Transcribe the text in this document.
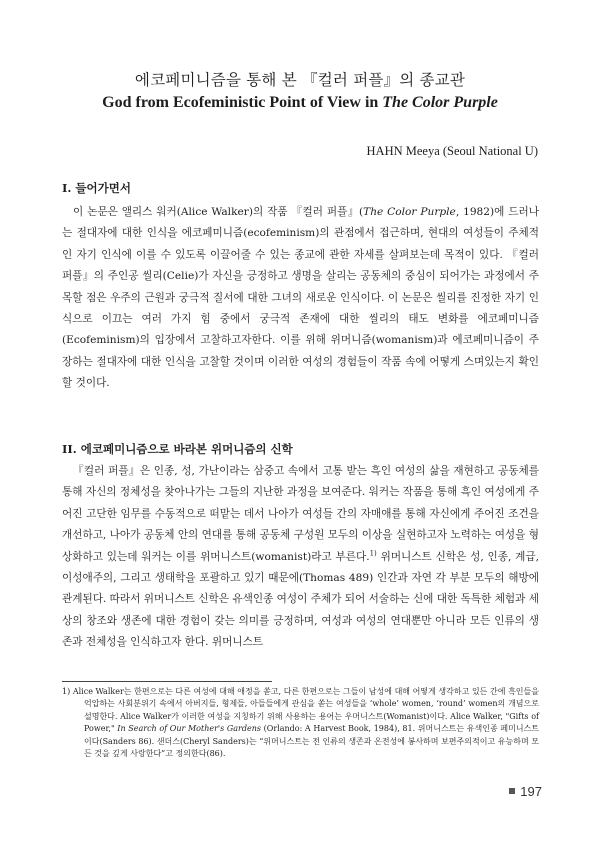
에코페미니즘을 통해 본 『컬러 퍼플』의 종교관
God from Ecofeministic Point of View in The Color Purple
HAHN Meeya (Seoul National U)
I. 들어가면서

이 논문은 앨리스 워커(Alice Walker)의 작품 『컬러 퍼플』(The Color Purple, 1982)에 드러나는 절대자에 대한 인식을 에코페미니즘(ecofeminism)의 관점에서 접근하며, 현대의 여성들이 주체적인 자기 인식에 이를 수 있도록 이끌어줄 수 있는 종교에 관한 자세를 살펴보는데 목적이 있다. 『컬러 퍼플』의 주인공 씰리(Celie)가 자신을 긍정하고 생명을 살리는 공동체의 중심이 되어가는 과정에서 주목할 점은 우주의 근원과 궁극적 질서에 대한 그녀의 새로운 인식이다. 이 논문은 씰리를 진정한 자기 인식으로 이끄는 여러 가지 힘 중에서 궁극적 존재에 대한 씰리의 태도 변화를 에코페미니즘(Ecofeminism)의 입장에서 고찰하고자한다. 이를 위해 위머니즘(womanism)과 에코페미니즘이 주장하는 절대자에 대한 인식을 고찰할 것이며 이러한 여성의 경험들이 작품 속에 어떻게 스며있는지 확인할 것이다.

II. 에코페미니즘으로 바라본 위머니즘의 신학

『컬러 퍼플』은 인종, 성, 가난이라는 삼중고 속에서 고통 받는 흑인 여성의 삶을 재현하고 공동체를 통해 자신의 정체성을 찾아나가는 그들의 지난한 과정을 보여준다. 워커는 작품을 통해 흑인 여성에게 주어진 고단한 임무를 수동적으로 떠맡는 데서 나아가 여성들 간의 자매애를 통해 자신에게 주어진 조건을 개선하고, 나아가 공동체 안의 연대를 통해 공동체 구성원 모두의 이상을 실현하고자 노력하는 여성을 형상화하고 있는데 워커는 이를 위머니스트(womanist)라고 부른다.$^{1)}$ 위머니스트 신학은 성, 인종, 계급, 이성애주의, 그리고 생태학을 포괄하고 있기 때문에(Thomas 489) 인간과 자연 각 부분 모두의 해방에 관계된다. 따라서 위머니스트 신학은 유색인종 여성이 주체가 되어 서술하는 신에 대한 독특한 체험과 세상의 창조와 생존에 대한 경험이 갖는 의미를 긍정하며, 여성과 여성의 연대뿐만 아니라 모든 인류의 생존과 전체성을 인식하고자 한다. 위머니스트

1) Alice Walker는 한편으로는 다른 여성에 대해 애정을 쏟고, 다른 한편으로는 그들이 남성에 대해 어떻게 생각하고 있든 간에 흑인들을 억압하는 사회분위기 속에서 아버지들, 형제들, 아들들에게 관심을 쏟는 여성들을 ‘whole’ women, ‘round’ women의 개념으로 설명한다. Alice Walker가 이러한 여성을 지칭하기 위해 사용하는 용어는 우머니스트(Womanist)이다. Alice Walker, "Gifts of Power," In Search of Our Mother's Gardens (Orlando: A Harvest Book, 1984), 81. 위머니스트는 유색인종 페미니스트이다(Sanders 86). 샌더스(Cheryl Sanders)는 “위머니스트는 전 인류의 생존과 온전성에 봉사하며 보편주의적이고 유능하며 모든 것을 깊게 사랑한다”고 정의한다(86).

197
